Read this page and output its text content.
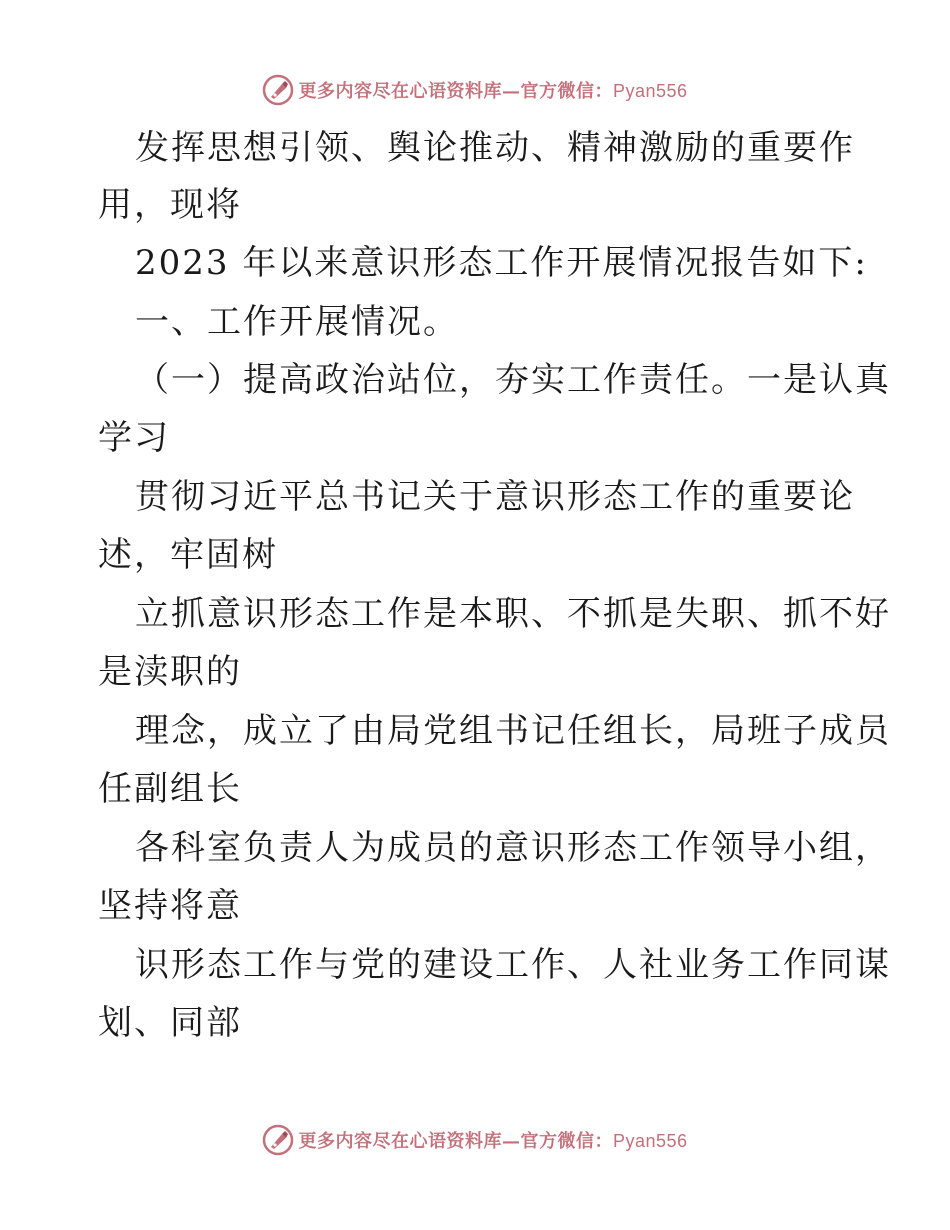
更多内容尽在心语资料库—官方微信：Pyan556
发挥思想引领、舆论推动、精神激励的重要作
用，现将
2023 年以来意识形态工作开展情况报告如下:
一、工作开展情况。
（一）提高政治站位，夯实工作责任。一是认真
学习
贯彻习近平总书记关于意识形态工作的重要论
述，牢固树
立抓意识形态工作是本职、不抓是失职、抓不好
是渎职的
理念，成立了由局党组书记任组长，局班子成员
任副组长
各科室负责人为成员的意识形态工作领导小组，
坚持将意
识形态工作与党的建设工作、人社业务工作同谋
划、同部
更多内容尽在心语资料库—官方微信：Pyan556
